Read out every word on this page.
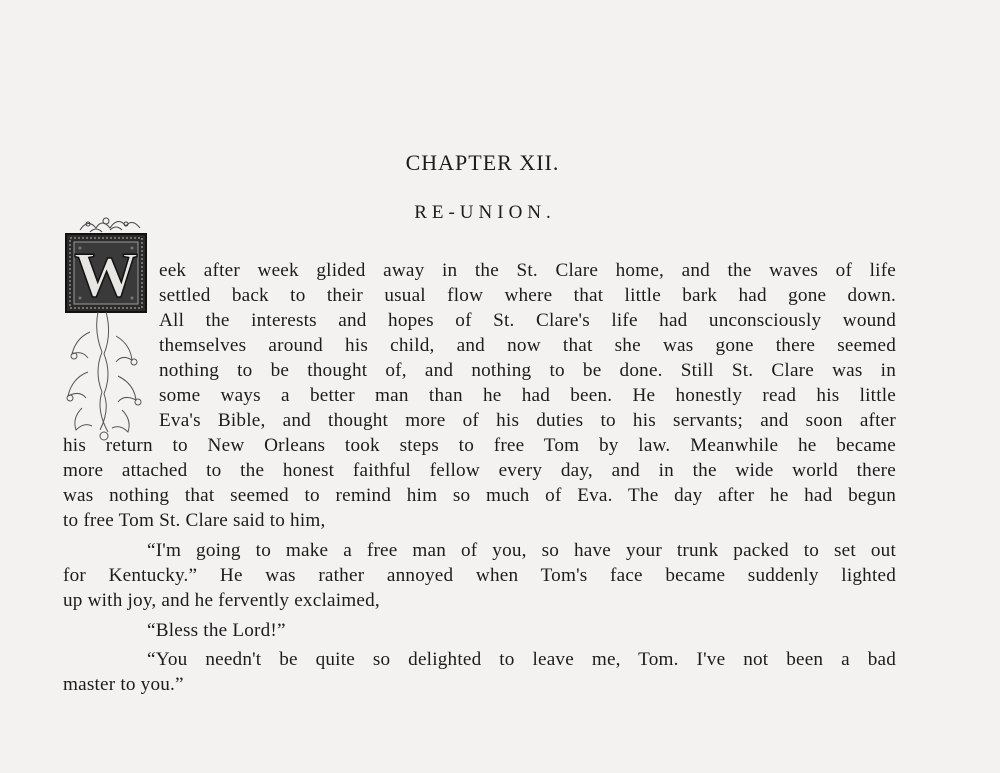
CHAPTER XII.
RE-UNION.
W eek after week glided away in the St. Clare home, and the waves of life
settled back to their usual flow where that little bark had gone down.
All the interests and hopes of St. Clare's life had unconsciously wound
themselves around his child, and now that she was gone there seemed
nothing to be thought of, and nothing to be done. Still St. Clare was in
some ways a better man than he had been. He honestly read his little
Eva's Bible, and thought more of his duties to his servants; and soon after
his return to New Orleans took steps to free Tom by law. Meanwhile he became
more attached to the honest faithful fellow every day, and in the wide world there
was nothing that seemed to remind him so much of Eva. The day after he had begun
to free Tom St. Clare said to him,
“I'm going to make a free man of you, so have your trunk packed to set out
for Kentucky.” He was rather annoyed when Tom's face became suddenly lighted
up with joy, and he fervently exclaimed,
“Bless the Lord!”
“You needn't be quite so delighted to leave me, Tom. I've not been a bad
master to you.”
